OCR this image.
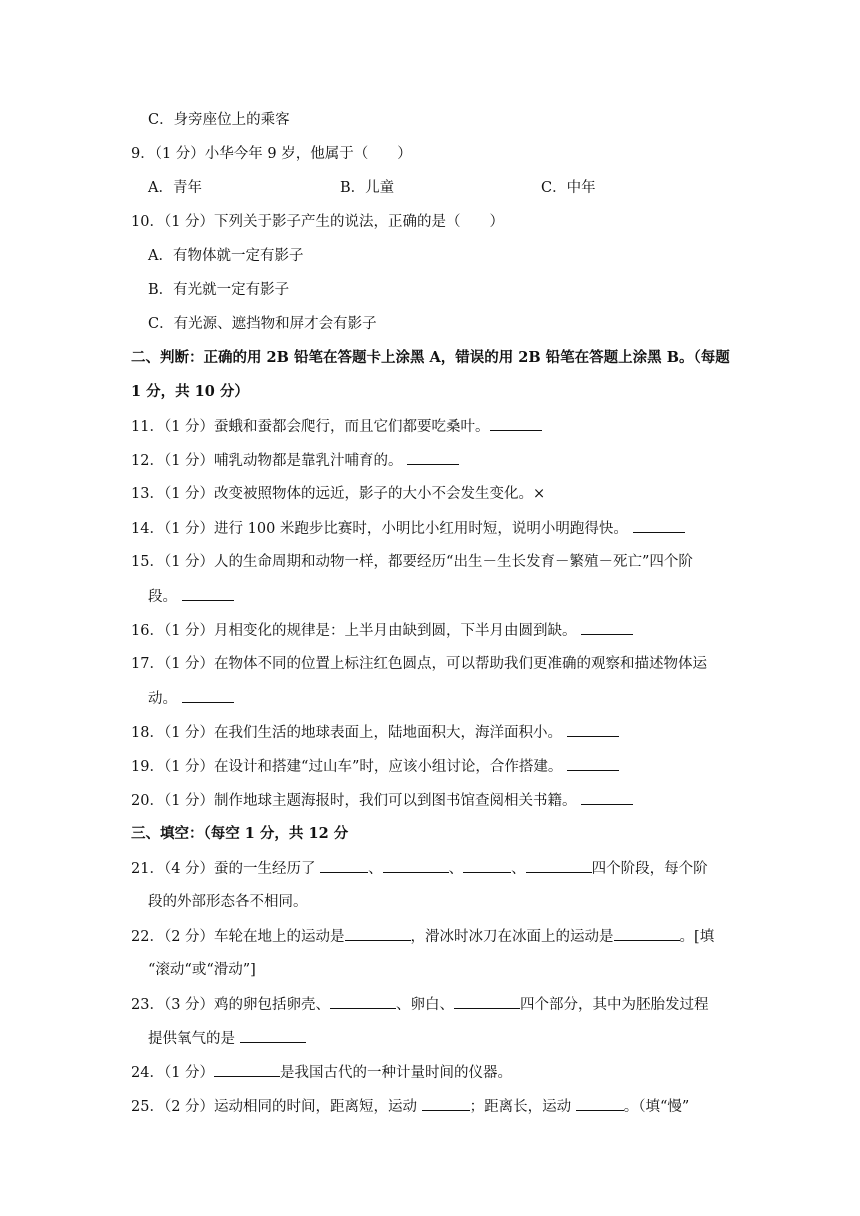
C．身旁座位上的乘客
9．（1 分）小华今年 9 岁，他属于（　　）
A．青年	B．儿童	C．中年
10．（1 分）下列关于影子产生的说法，正确的是（　　）
A．有物体就一定有影子
B．有光就一定有影子
C．有光源、遮挡物和屏才会有影子
二、判断：正确的用 2B 铅笔在答题卡上涂黑 A，错误的用 2B 铅笔在答题上涂黑 B。（每题
1 分，共 10 分）
11．（1 分）蚕蛾和蚕都会爬行，而且它们都要吃桑叶。
12．（1 分）哺乳动物都是靠乳汁哺育的。
13．（1 分）改变被照物体的远近，影子的大小不会发生变化。×
14．（1 分）进行 100 米跑步比赛时，小明比小红用时短，说明小明跑得快。
15．（1 分）人的生命周期和动物一样，都要经历“出生－生长发育－繁殖－死亡”四个阶
段。
16．（1 分）月相变化的规律是：上半月由缺到圆，下半月由圆到缺。
17．（1 分）在物体不同的位置上标注红色圆点，可以帮助我们更准确的观察和描述物体运
动。
18．（1 分）在我们生活的地球表面上，陆地面积大，海洋面积小。
19．（1 分）在设计和搭建“过山车”时，应该小组讨论，合作搭建。
20．（1 分）制作地球主题海报时，我们可以到图书馆查阅相关书籍。
三、填空：（每空 1 分，共 12 分
21．（4 分）蚕的一生经历了	、	、	、	四个阶段，每个阶
段的外部形态各不相同。
22．（2 分）车轮在地上的运动是	，滑冰时冰刀在冰面上的运动是	。[填
“滚动“或“滑动”]
23．（3 分）鸡的卵包括卵壳、	、卵白、	四个部分，其中为胚胎发过程
提供氧气的是
24．（1 分）	是我国古代的一种计量时间的仪器。
25．（2 分）运动相同的时间，距离短，运动	；距离长，运动	。（填“慢”
